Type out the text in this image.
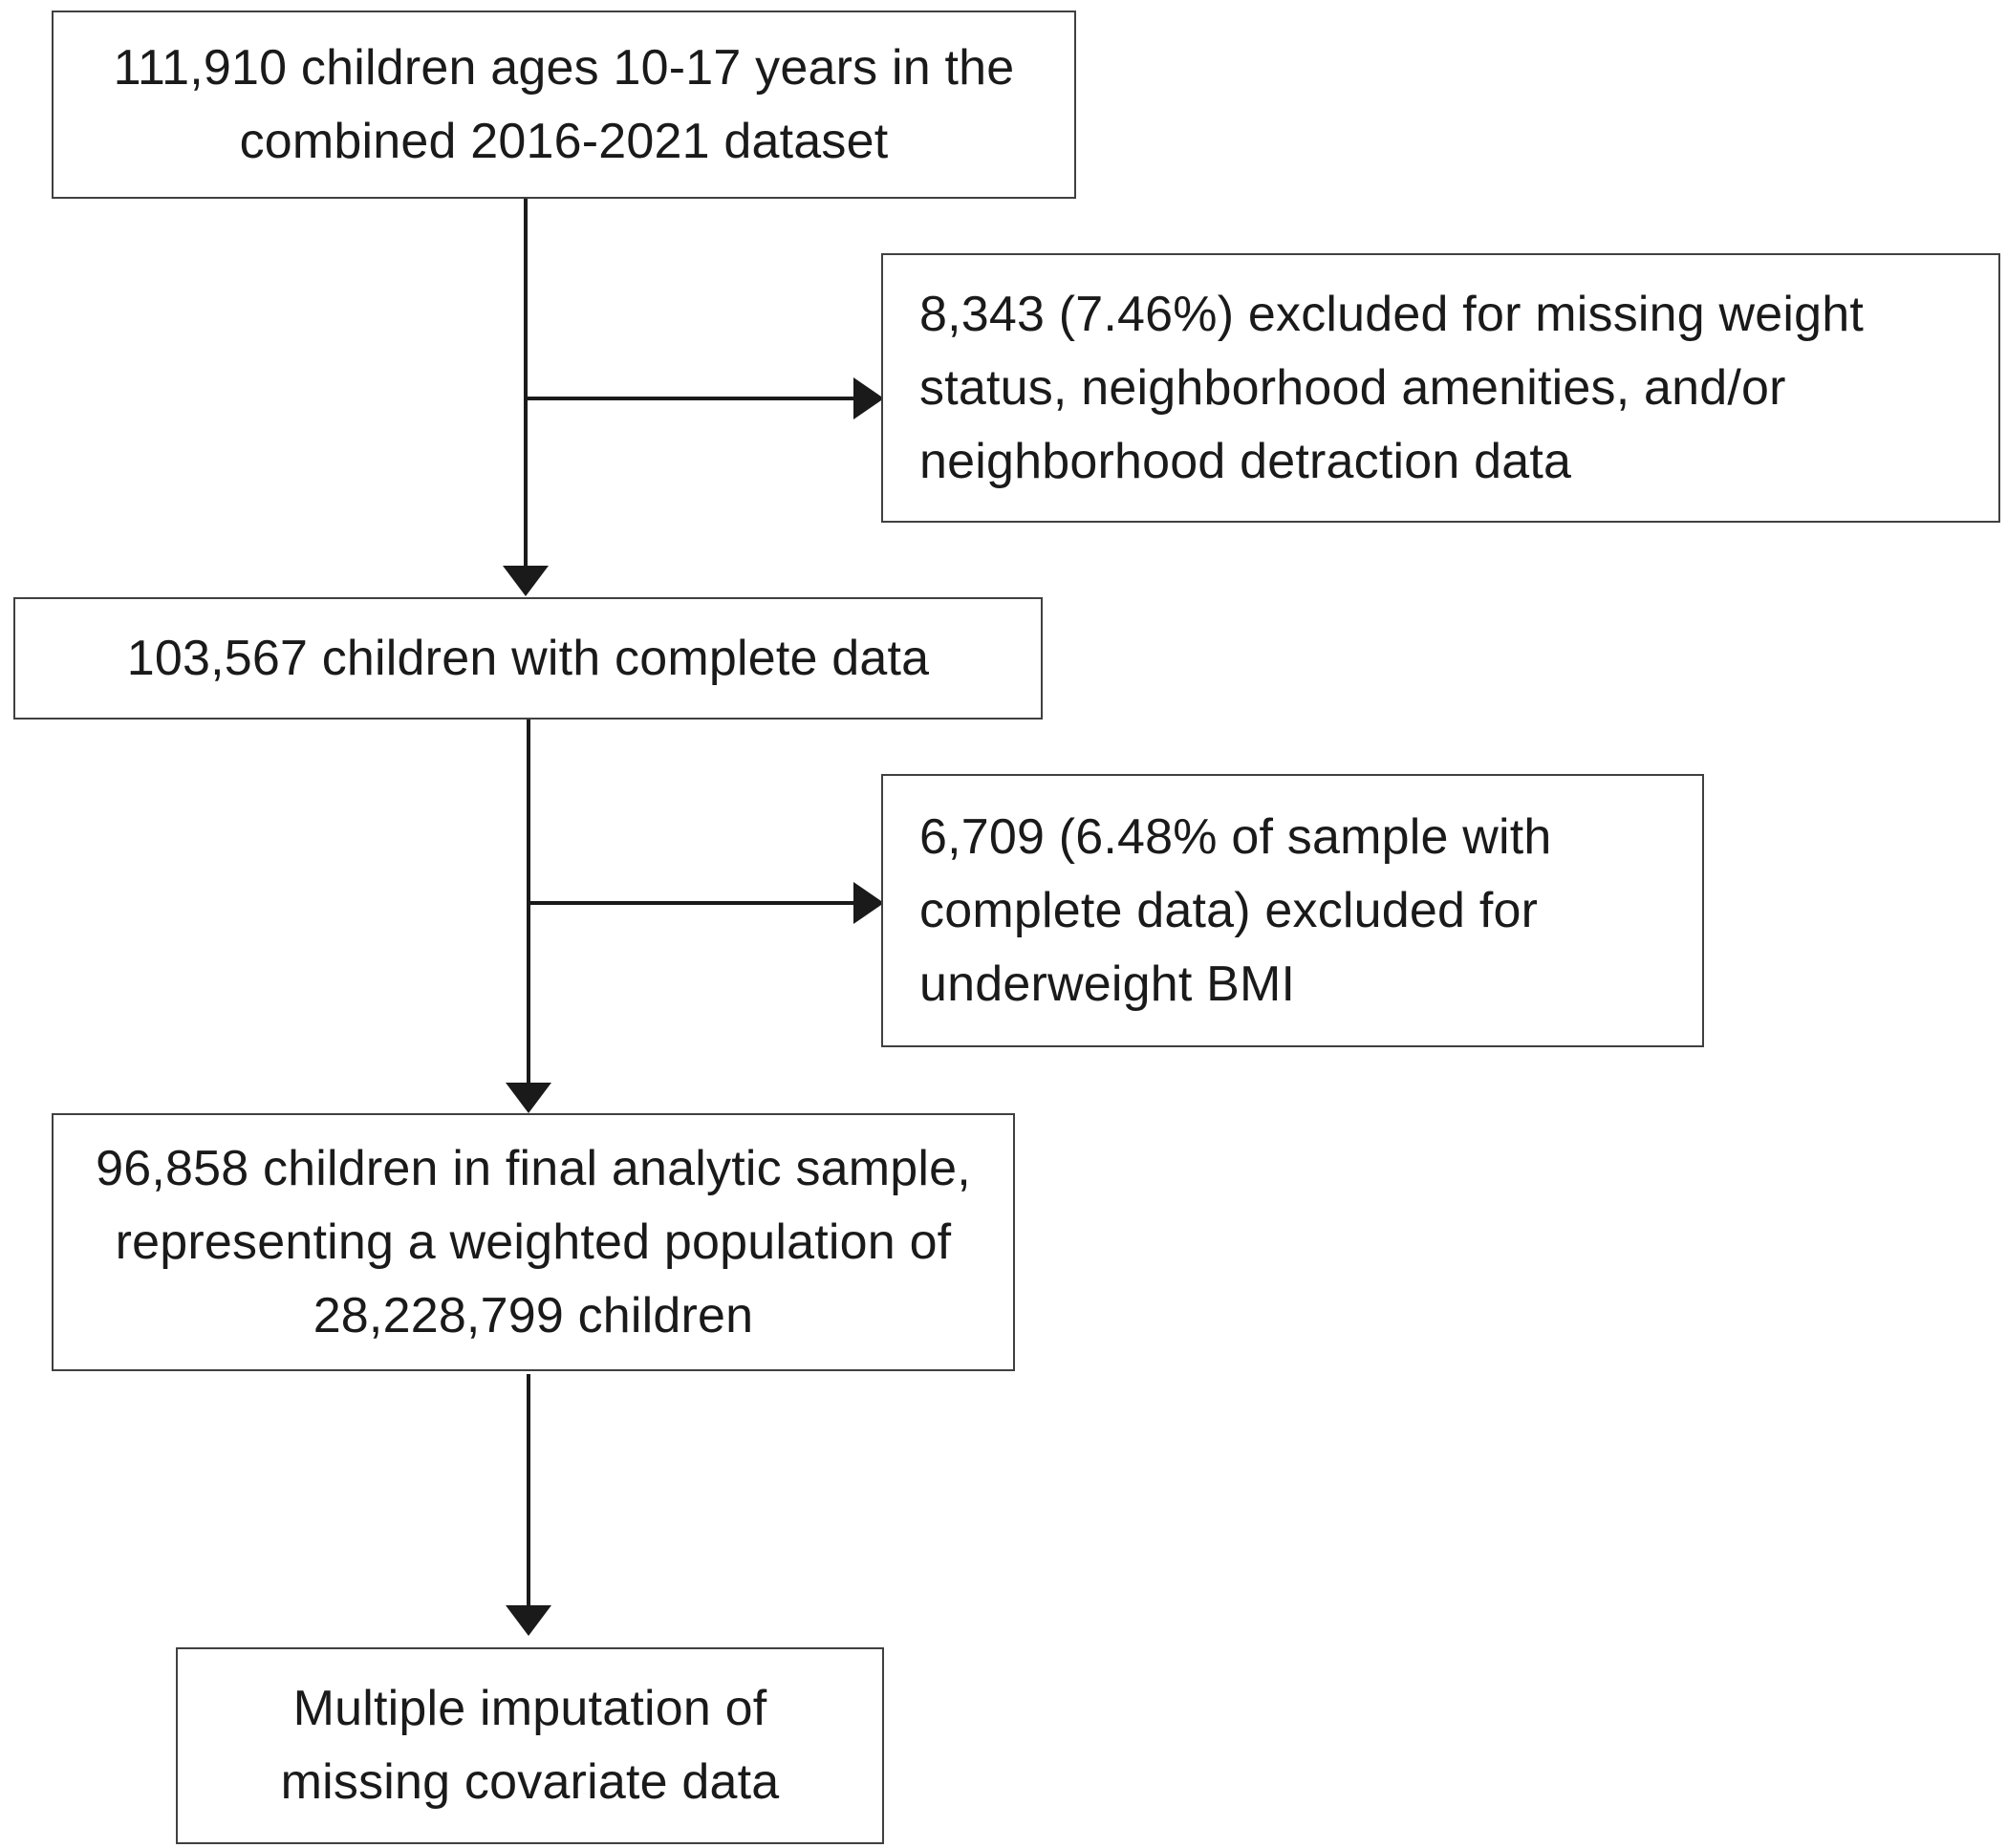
111,910 children ages 10-17 years in the combined 2016-2021 dataset
8,343 (7.46%) excluded for missing weight status, neighborhood amenities, and/or neighborhood detraction data
103,567 children with complete data
6,709 (6.48% of sample with complete data) excluded for underweight BMI
96,858 children in final analytic sample, representing a weighted population of 28,228,799 children
Multiple imputation of missing covariate data
